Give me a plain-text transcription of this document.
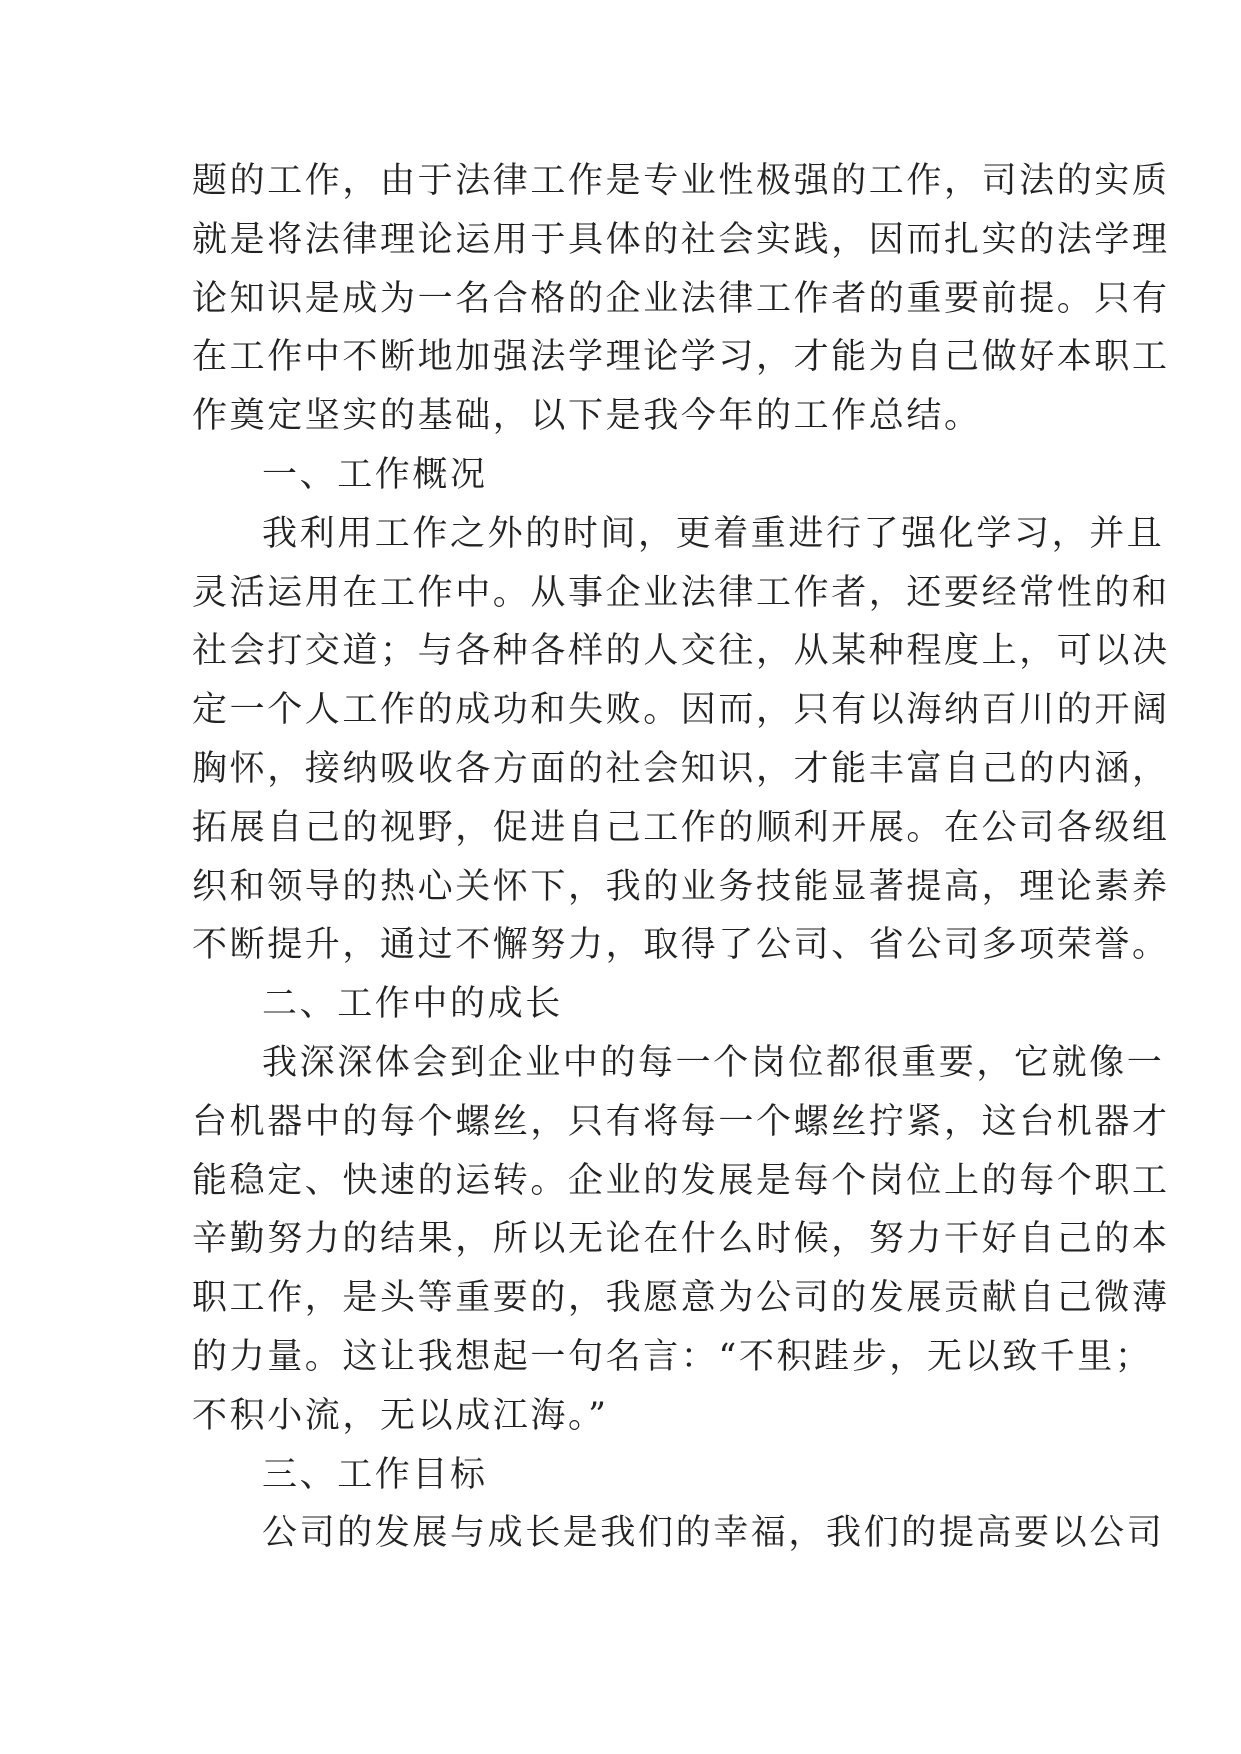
题的工作，由于法律工作是专业性极强的工作，司法的实质
就是将法律理论运用于具体的社会实践，因而扎实的法学理
论知识是成为一名合格的企业法律工作者的重要前提。只有
在工作中不断地加强法学理论学习，才能为自己做好本职工
作奠定坚实的基础，以下是我今年的工作总结。
一、工作概况
我利用工作之外的时间，更着重进行了强化学习，并且
灵活运用在工作中。从事企业法律工作者，还要经常性的和
社会打交道；与各种各样的人交往，从某种程度上，可以决
定一个人工作的成功和失败。因而，只有以海纳百川的开阔
胸怀，接纳吸收各方面的社会知识，才能丰富自己的内涵，
拓展自己的视野，促进自己工作的顺利开展。在公司各级组
织和领导的热心关怀下，我的业务技能显著提高，理论素养
不断提升，通过不懈努力，取得了公司、省公司多项荣誉。
二、工作中的成长
我深深体会到企业中的每一个岗位都很重要，它就像一
台机器中的每个螺丝，只有将每一个螺丝拧紧，这台机器才
能稳定、快速的运转。企业的发展是每个岗位上的每个职工
辛勤努力的结果，所以无论在什么时候，努力干好自己的本
职工作，是头等重要的，我愿意为公司的发展贡献自己微薄
的力量。这让我想起一句名言：“不积跬步，无以致千里；
不积小流，无以成江海。”
三、工作目标
公司的发展与成长是我们的幸福，我们的提高要以公司
